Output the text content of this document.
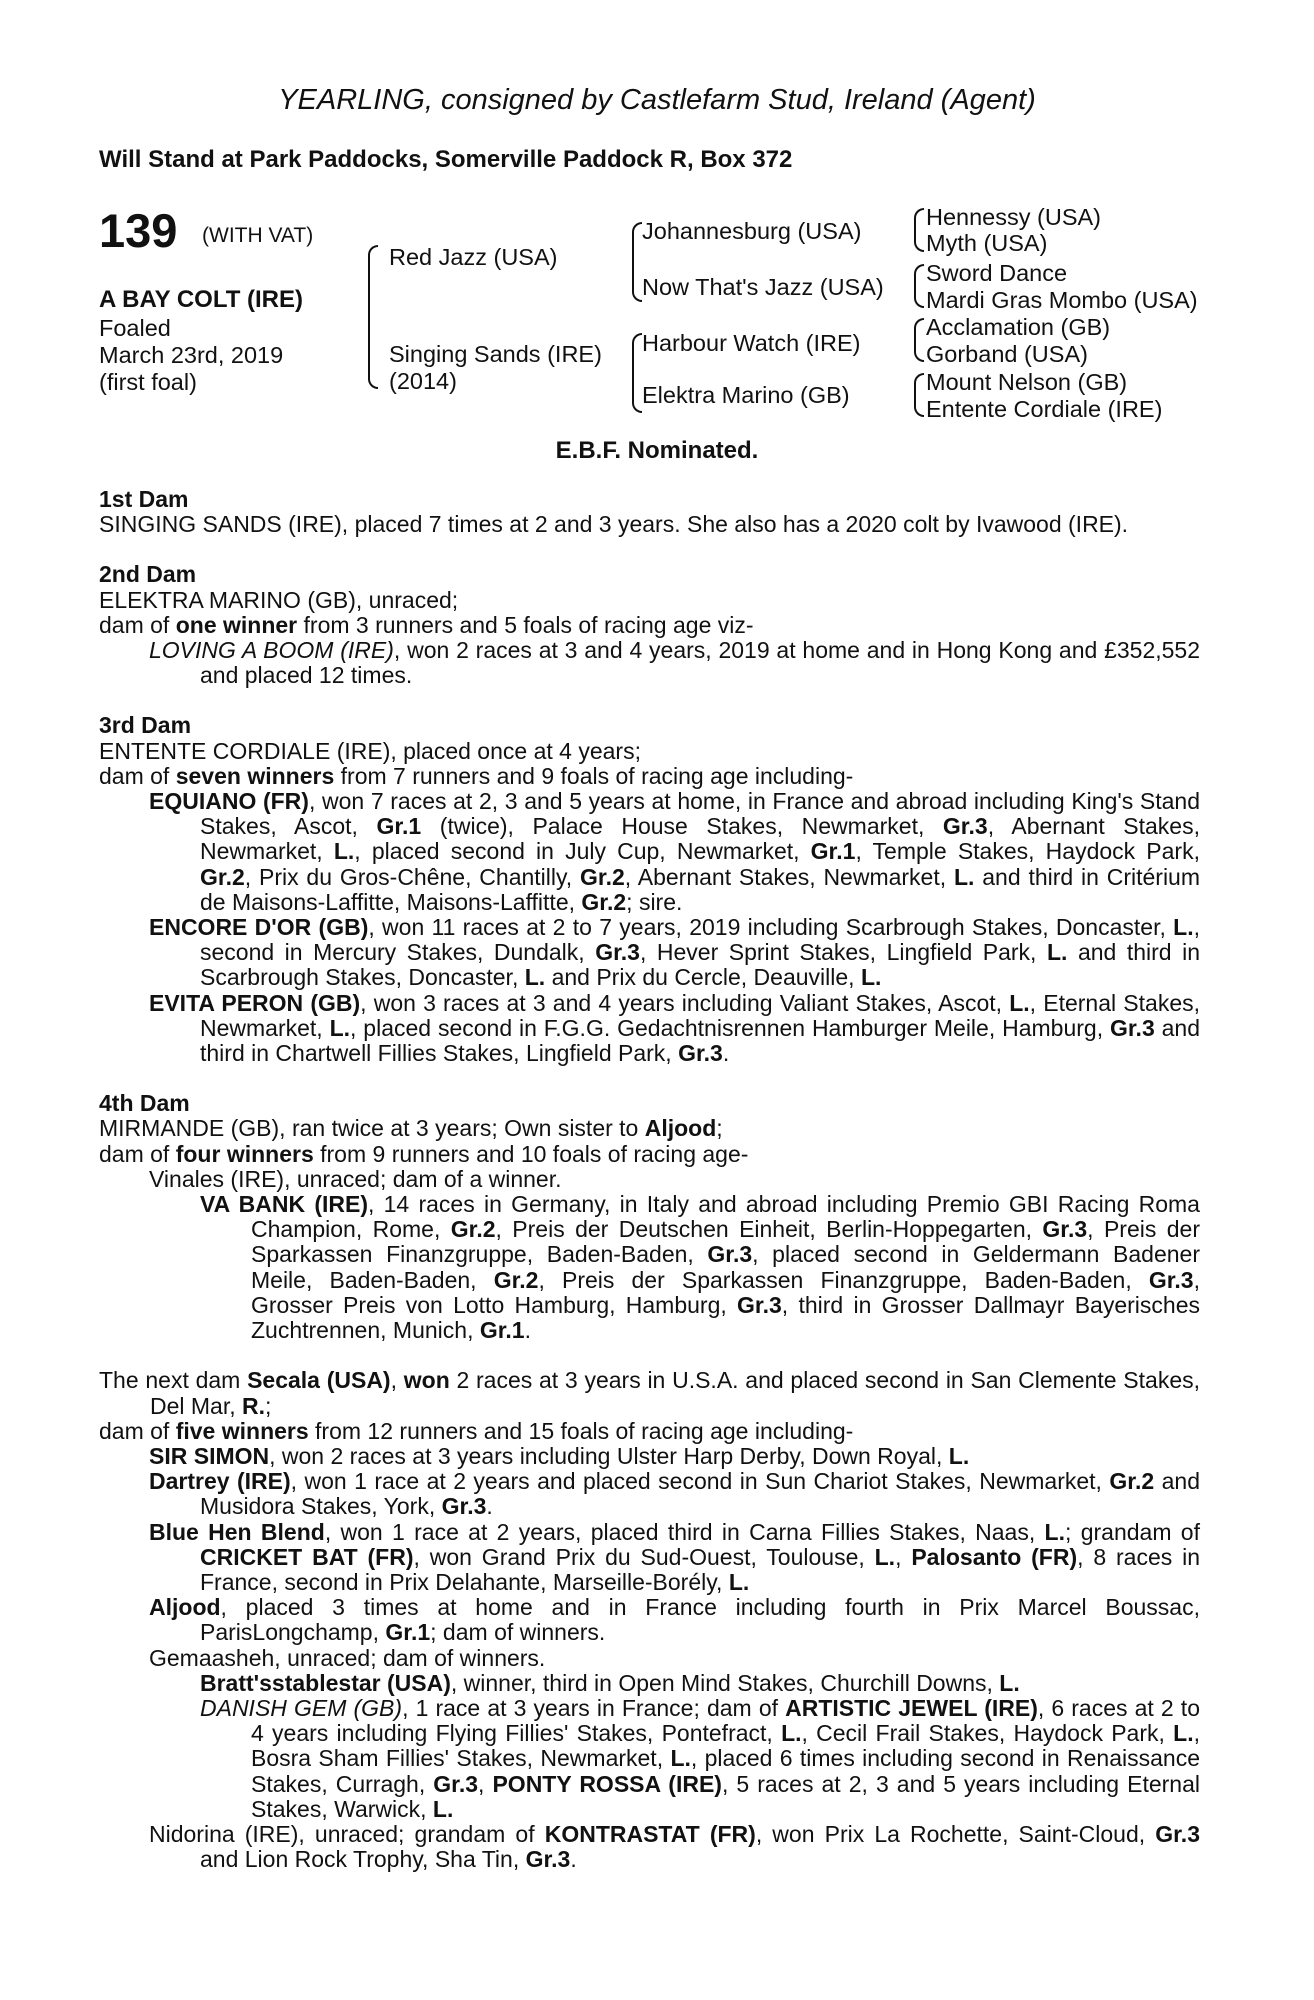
YEARLING, consigned by Castlefarm Stud, Ireland (Agent)
Will Stand at Park Paddocks, Somerville Paddock R, Box 372
139 (WITH VAT)
A BAY COLT (IRE)
Foaled
March 23rd, 2019
(first foal)
Red Jazz (USA)
Singing Sands (IRE)
(2014)
Johannesburg (USA)
Now That's Jazz (USA)
Harbour Watch (IRE)
Elektra Marino (GB)
Hennessy (USA)
Myth (USA)
Sword Dance
Mardi Gras Mombo (USA)
Acclamation (GB)
Gorband (USA)
Mount Nelson (GB)
Entente Cordiale (IRE)
E.B.F. Nominated.
1st Dam
SINGING SANDS (IRE), placed 7 times at 2 and 3 years. She also has a 2020 colt by Ivawood (IRE).
2nd Dam
ELEKTRA MARINO (GB), unraced;
dam of one winner from 3 runners and 5 foals of racing age viz-
LOVING A BOOM (IRE), won 2 races at 3 and 4 years, 2019 at home and in Hong Kong and £352,552 and placed 12 times.
3rd Dam
ENTENTE CORDIALE (IRE), placed once at 4 years;
dam of seven winners from 7 runners and 9 foals of racing age including-
EQUIANO (FR), won 7 races at 2, 3 and 5 years at home, in France and abroad including King's Stand Stakes, Ascot, Gr.1 (twice), Palace House Stakes, Newmarket, Gr.3, Abernant Stakes, Newmarket, L., placed second in July Cup, Newmarket, Gr.1, Temple Stakes, Haydock Park, Gr.2, Prix du Gros-Chêne, Chantilly, Gr.2, Abernant Stakes, Newmarket, L. and third in Critérium de Maisons-Laffitte, Maisons-Laffitte, Gr.2; sire.
ENCORE D'OR (GB), won 11 races at 2 to 7 years, 2019 including Scarbrough Stakes, Doncaster, L., second in Mercury Stakes, Dundalk, Gr.3, Hever Sprint Stakes, Lingfield Park, L. and third in Scarbrough Stakes, Doncaster, L. and Prix du Cercle, Deauville, L.
EVITA PERON (GB), won 3 races at 3 and 4 years including Valiant Stakes, Ascot, L., Eternal Stakes, Newmarket, L., placed second in F.G.G. Gedachtnisrennen Hamburger Meile, Hamburg, Gr.3 and third in Chartwell Fillies Stakes, Lingfield Park, Gr.3.
4th Dam
MIRMANDE (GB), ran twice at 3 years; Own sister to Aljood;
dam of four winners from 9 runners and 10 foals of racing age-
Vinales (IRE), unraced; dam of a winner.
VA BANK (IRE), 14 races in Germany, in Italy and abroad including Premio GBI Racing Roma Champion, Rome, Gr.2, Preis der Deutschen Einheit, Berlin-Hoppegarten, Gr.3, Preis der Sparkassen Finanzgruppe, Baden-Baden, Gr.3, placed second in Geldermann Badener Meile, Baden-Baden, Gr.2, Preis der Sparkassen Finanzgruppe, Baden-Baden, Gr.3, Grosser Preis von Lotto Hamburg, Hamburg, Gr.3, third in Grosser Dallmayr Bayerisches Zuchtrennen, Munich, Gr.1.
The next dam Secala (USA), won 2 races at 3 years in U.S.A. and placed second in San Clemente Stakes, Del Mar, R.;
dam of five winners from 12 runners and 15 foals of racing age including-
SIR SIMON, won 2 races at 3 years including Ulster Harp Derby, Down Royal, L.
Dartrey (IRE), won 1 race at 2 years and placed second in Sun Chariot Stakes, Newmarket, Gr.2 and Musidora Stakes, York, Gr.3.
Blue Hen Blend, won 1 race at 2 years, placed third in Carna Fillies Stakes, Naas, L.; grandam of CRICKET BAT (FR), won Grand Prix du Sud-Ouest, Toulouse, L., Palosanto (FR), 8 races in France, second in Prix Delahante, Marseille-Borély, L.
Aljood, placed 3 times at home and in France including fourth in Prix Marcel Boussac, ParisLongchamp, Gr.1; dam of winners.
Gemaasheh, unraced; dam of winners.
Bratt'sstablestar (USA), winner, third in Open Mind Stakes, Churchill Downs, L.
DANISH GEM (GB), 1 race at 3 years in France; dam of ARTISTIC JEWEL (IRE), 6 races at 2 to 4 years including Flying Fillies' Stakes, Pontefract, L., Cecil Frail Stakes, Haydock Park, L., Bosra Sham Fillies' Stakes, Newmarket, L., placed 6 times including second in Renaissance Stakes, Curragh, Gr.3, PONTY ROSSA (IRE), 5 races at 2, 3 and 5 years including Eternal Stakes, Warwick, L.
Nidorina (IRE), unraced; grandam of KONTRASTAT (FR), won Prix La Rochette, Saint-Cloud, Gr.3 and Lion Rock Trophy, Sha Tin, Gr.3.
